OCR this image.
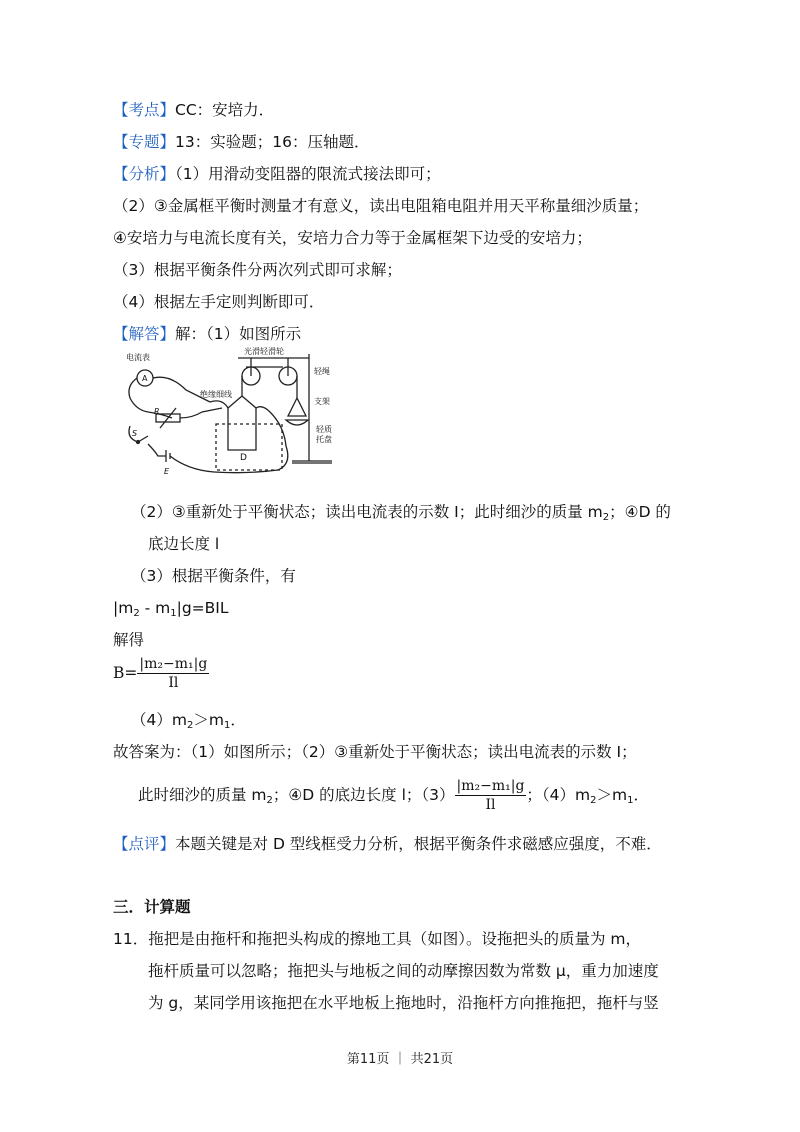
【考点】CC：安培力．
【专题】13：实验题；16：压轴题．
【分析】（1）用滑动变阻器的限流式接法即可；
（2）③金属框平衡时测量才有意义，读出电阻箱电阻并用天平称量细沙质量；
④安培力与电流长度有关，安培力合力等于金属框架下边受的安培力；
（3）根据平衡条件分两次列式即可求解；
（4）根据左手定则判断即可．
【解答】解：（1）如图所示
电流表
A
光滑轻滑轮
轻绳
绝缘细线
支架
轻质
托盘
D
R
S
E
（2）③重新处于平衡状态；读出电流表的示数 I；此时细沙的质量 $m_2$；④D 的
底边长度 l
（3）根据平衡条件，有
$|m_2 - m_1|g=BIL$
解得
$B= \frac{\text{|m₂−m₁|g}}{Il}$
$(4)m_2>m_1$．
故答案为：（1）如图所示；（2）③重新处于平衡状态；读出电流表的示数 I；
此时细沙的质量 $m_2$；④D 的底边长度 l；$(3) \frac{\text{|m₂−m₁|g}}{Il}$ ；$(4)m_2>m_1$．
【点评】本题关键是对 D 型线框受力分析，根据平衡条件求磁感应强度，不难．
三．计算题
11．拖把是由拖杆和拖把头构成的擦地工具（如图）。设拖把头的质量为 m，
拖杆质量可以忽略；拖把头与地板之间的动摩擦因数为常数 μ，重力加速度
为 g，某同学用该拖把在水平地板上拖地时，沿拖杆方向推拖把，拖杆与竖
第11页 ｜ 共21页
